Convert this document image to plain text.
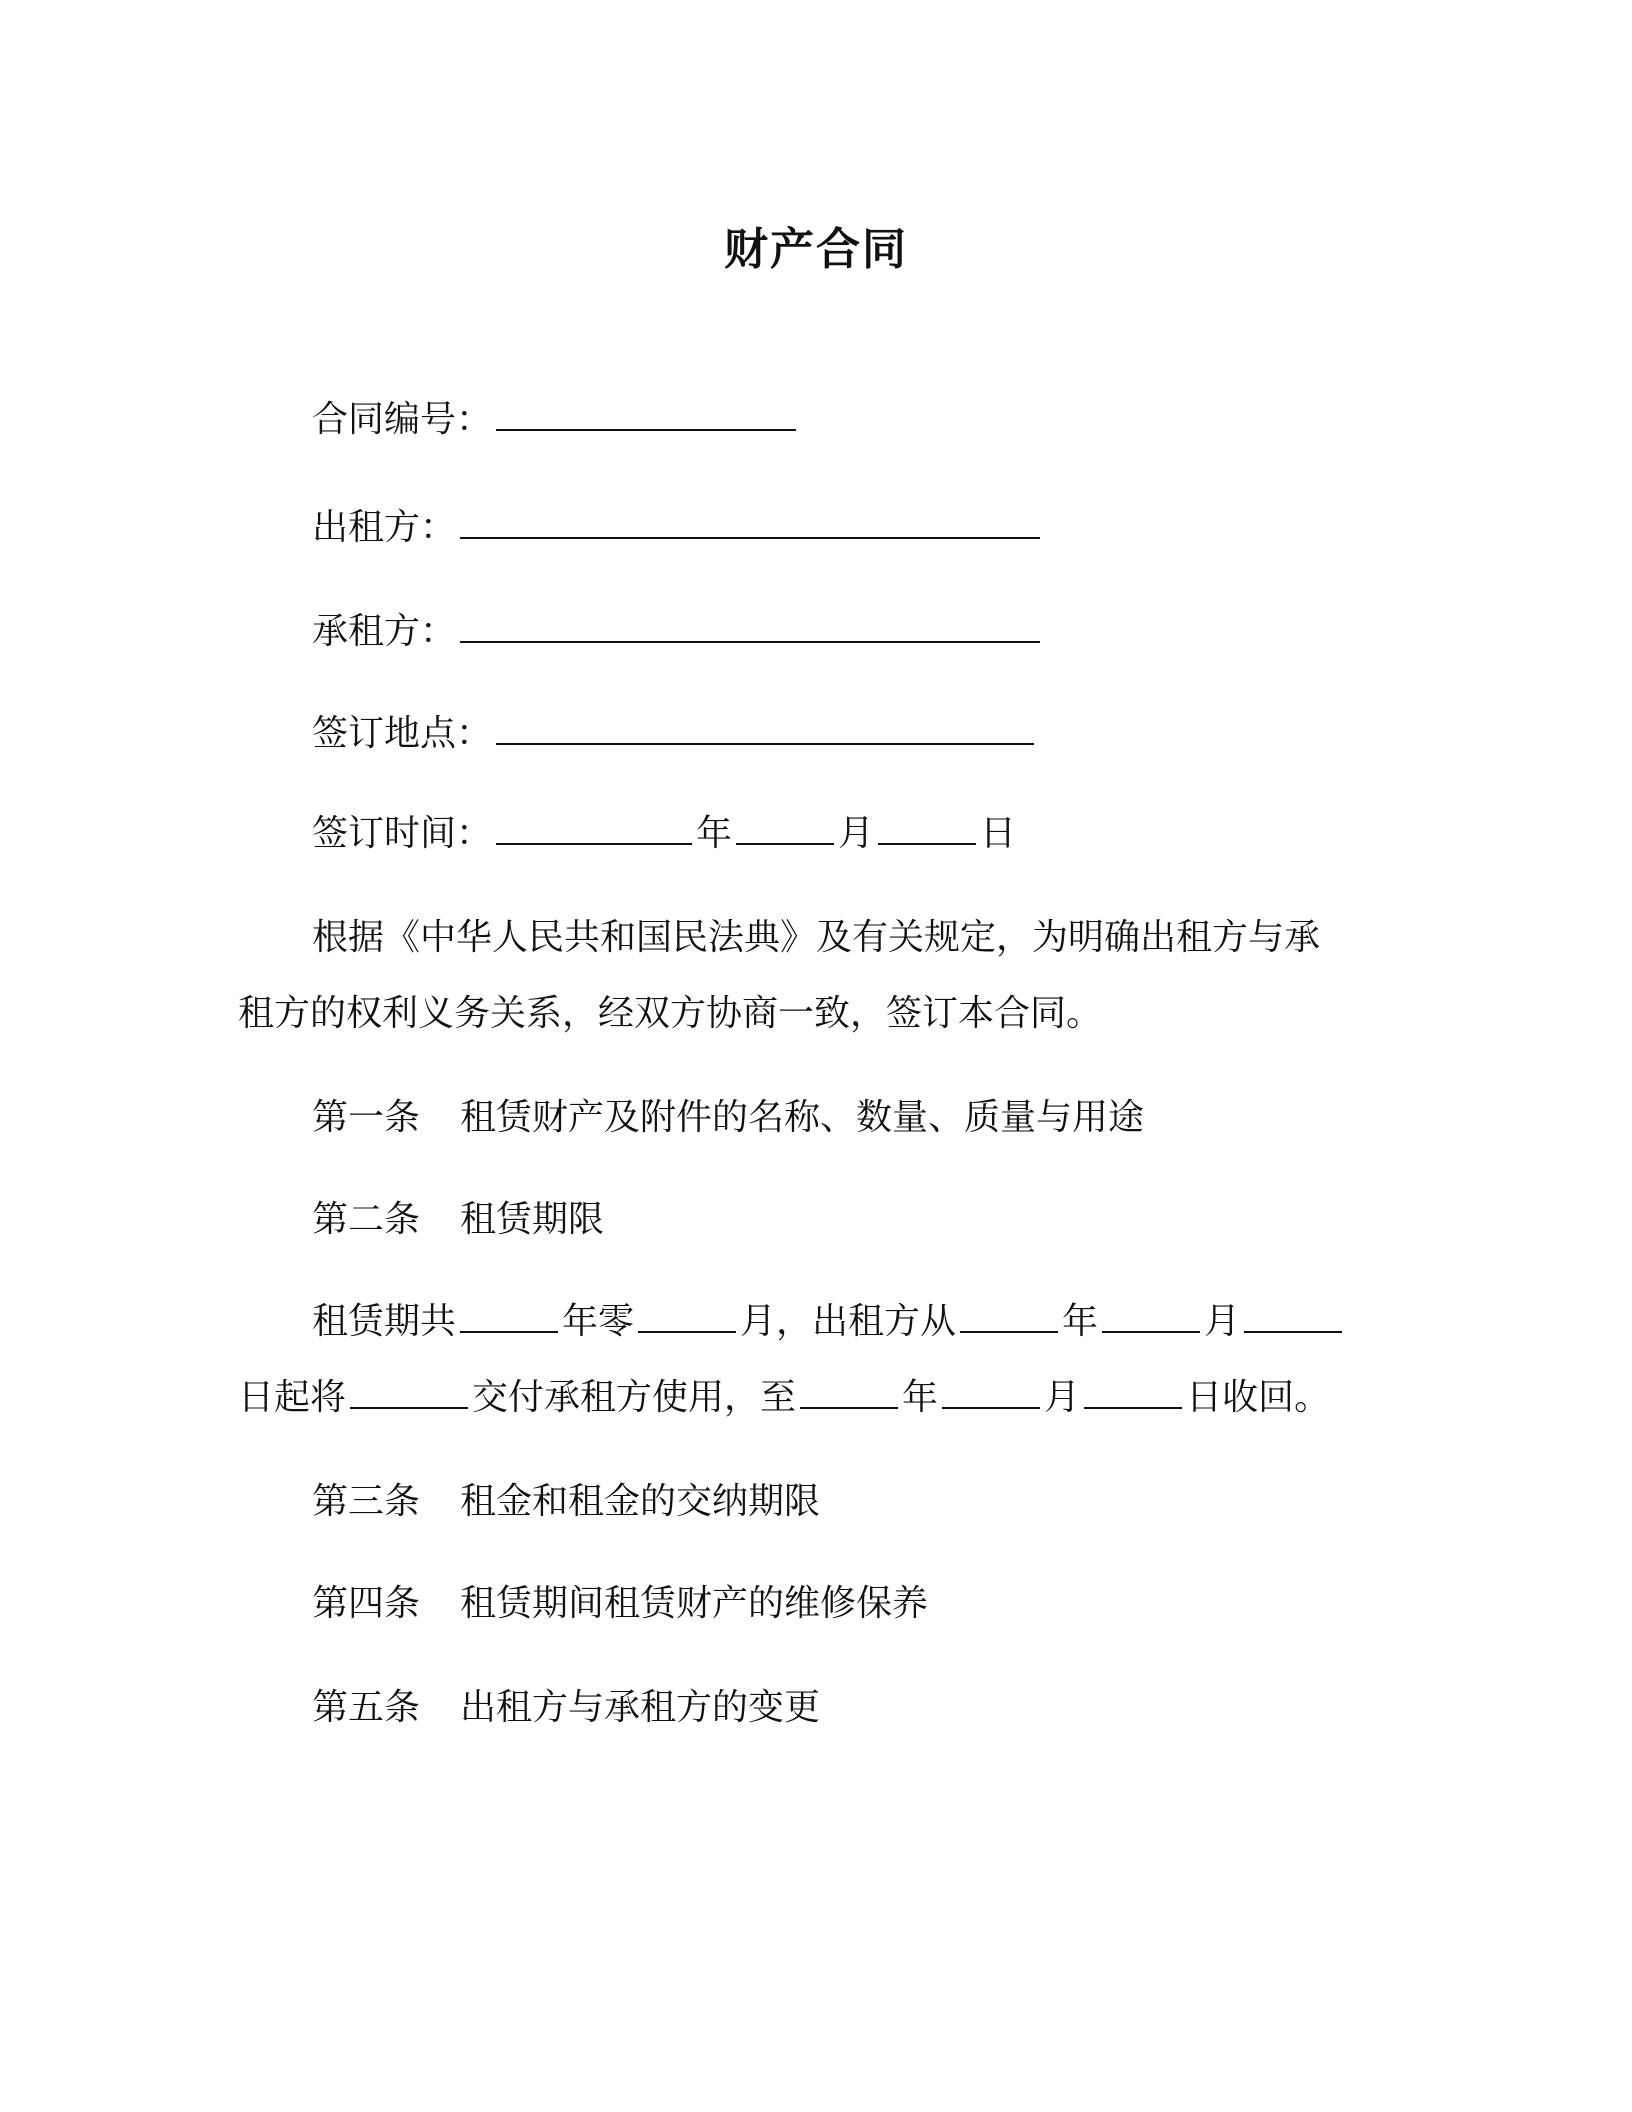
财产合同
合同编号：
出租方：
承租方：
签订地点：
签订时间：	年	月	日
根据《中华人民共和国民法典》及有关规定，为明确出租方与承
租方的权利义务关系，经双方协商一致，签订本合同。
第一条 租赁财产及附件的名称、数量、质量与用途
第二条 租赁期限
租赁期共	年零	月，出租方从	年	月
日起将	交付承租方使用，至	年	月	日收回。
第三条 租金和租金的交纳期限
第四条 租赁期间租赁财产的维修保养
第五条 出租方与承租方的变更
